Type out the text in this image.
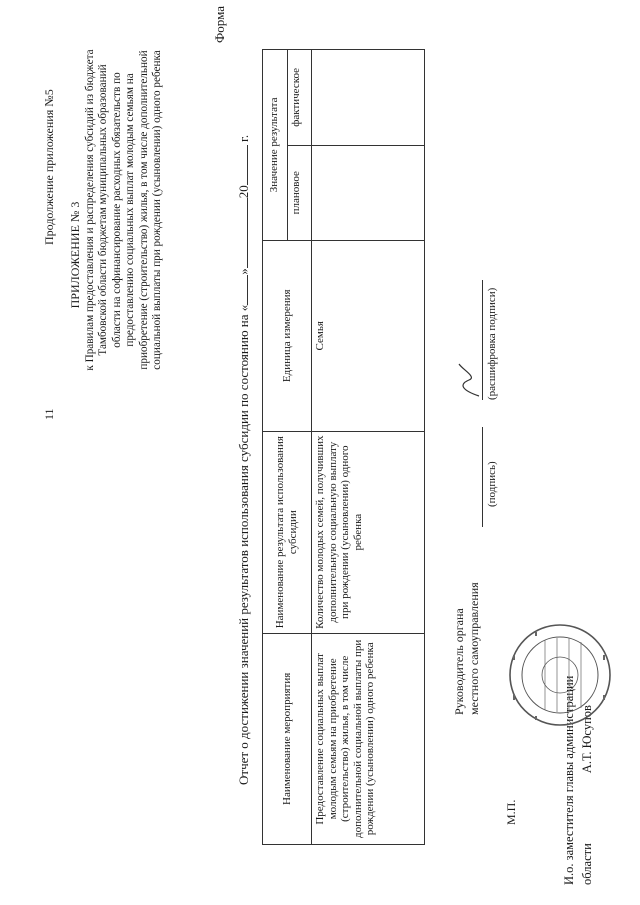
11
Продолжение приложения №5
ПРИЛОЖЕНИЕ № 3 к Правилам предоставления и распределения субсидий из бюджета Тамбовской области бюджетам муниципальных образований области на софинансирование расходных обязательств по предоставлению социальных выплат молодым семьям на приобретение (строительство) жилья, в том числе дополнительной социальной выплаты при рождении (усыновлении) одного ребенка
Форма
Отчет о достижении значений результатов использования субсидии по состоянию на «»20 г.
Наименование мероприятия	Наименование результата использования субсидии	Единица измерения	Значение результата	
			плановое	фактическое
Предоставление социальных выплат молодым семьям на приобретение (строительство) жилья, в том числе дополнительной социальной выплаты при рождении (усыновлении) одного ребенка	Количество молодых семей, получивших дополнительную социальную выплату при рождении (усыновлении) одного ребенка	Семья		
Руководитель органа местного самоуправления
(подпись)
(расшифровка подписи)
М.П.	И.о. заместителя главы администрации областиА.Т. Юсупов
